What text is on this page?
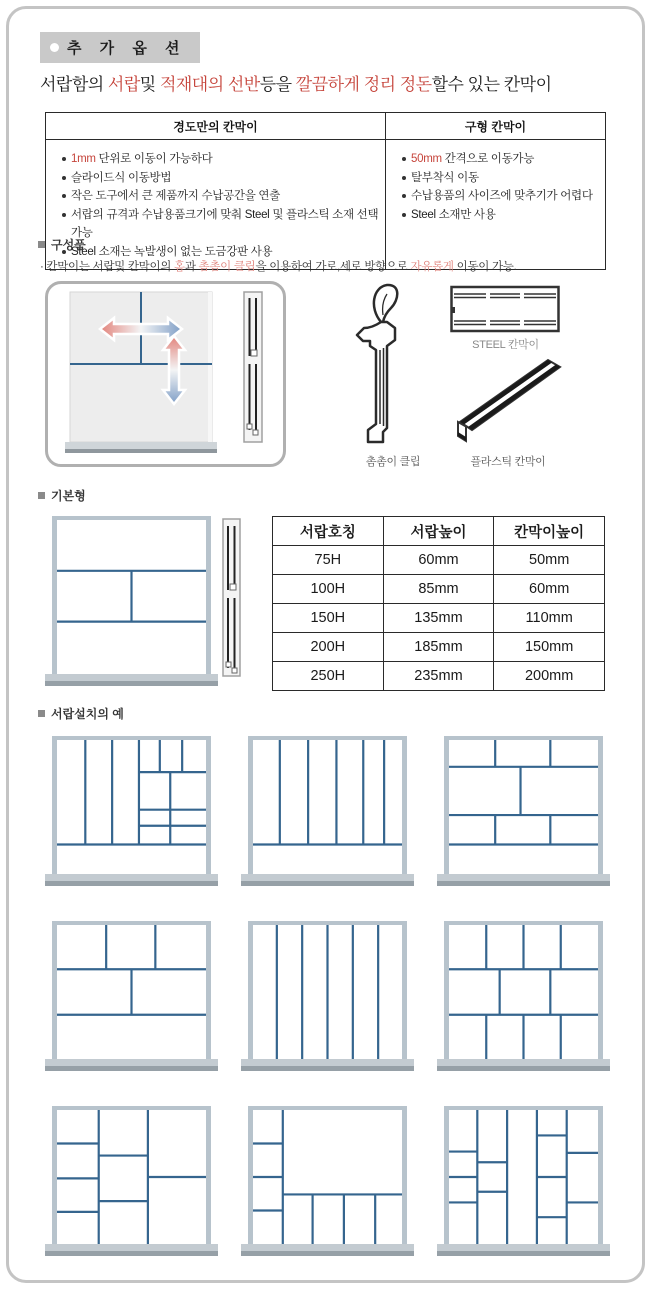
추 가 옵 션
서랍함의 서랍및 적재대의 선반등을 깔끔하게 정리 정돈할수 있는 칸막이
경도만의 칸막이	구형 칸막이

1mm 단위로 이동이 가능하다
슬라이드식 이동방법
작은 도구에서 큰 제품까지 수납공간을 연출
서랍의 규격과 수납용품크기에 맞춰 Steel 및 플라스틱 소재 선택가능
Steel 소재는 녹발생이 없는 도금강판 사용

50mm 간격으로 이동가능
탈부착식 이동
수납용품의 사이즈에 맞추기가 어렵다
Steel 소재만 사용
구성품
· 칸막이는 서랍및 칸막이의 홈과 촘촘이 클립을 이용하여 가로,세로 방향으로 자유롭게 이동이 가능.
촘촘이 클립
STEEL 칸막이
플라스틱 칸막이
기본형
서랍호칭	서랍높이	칸막이높이
75H	60mm	50mm
100H	85mm	60mm
150H	135mm	110mm
200H	185mm	150mm
250H	235mm	200mm
서랍설치의 예
